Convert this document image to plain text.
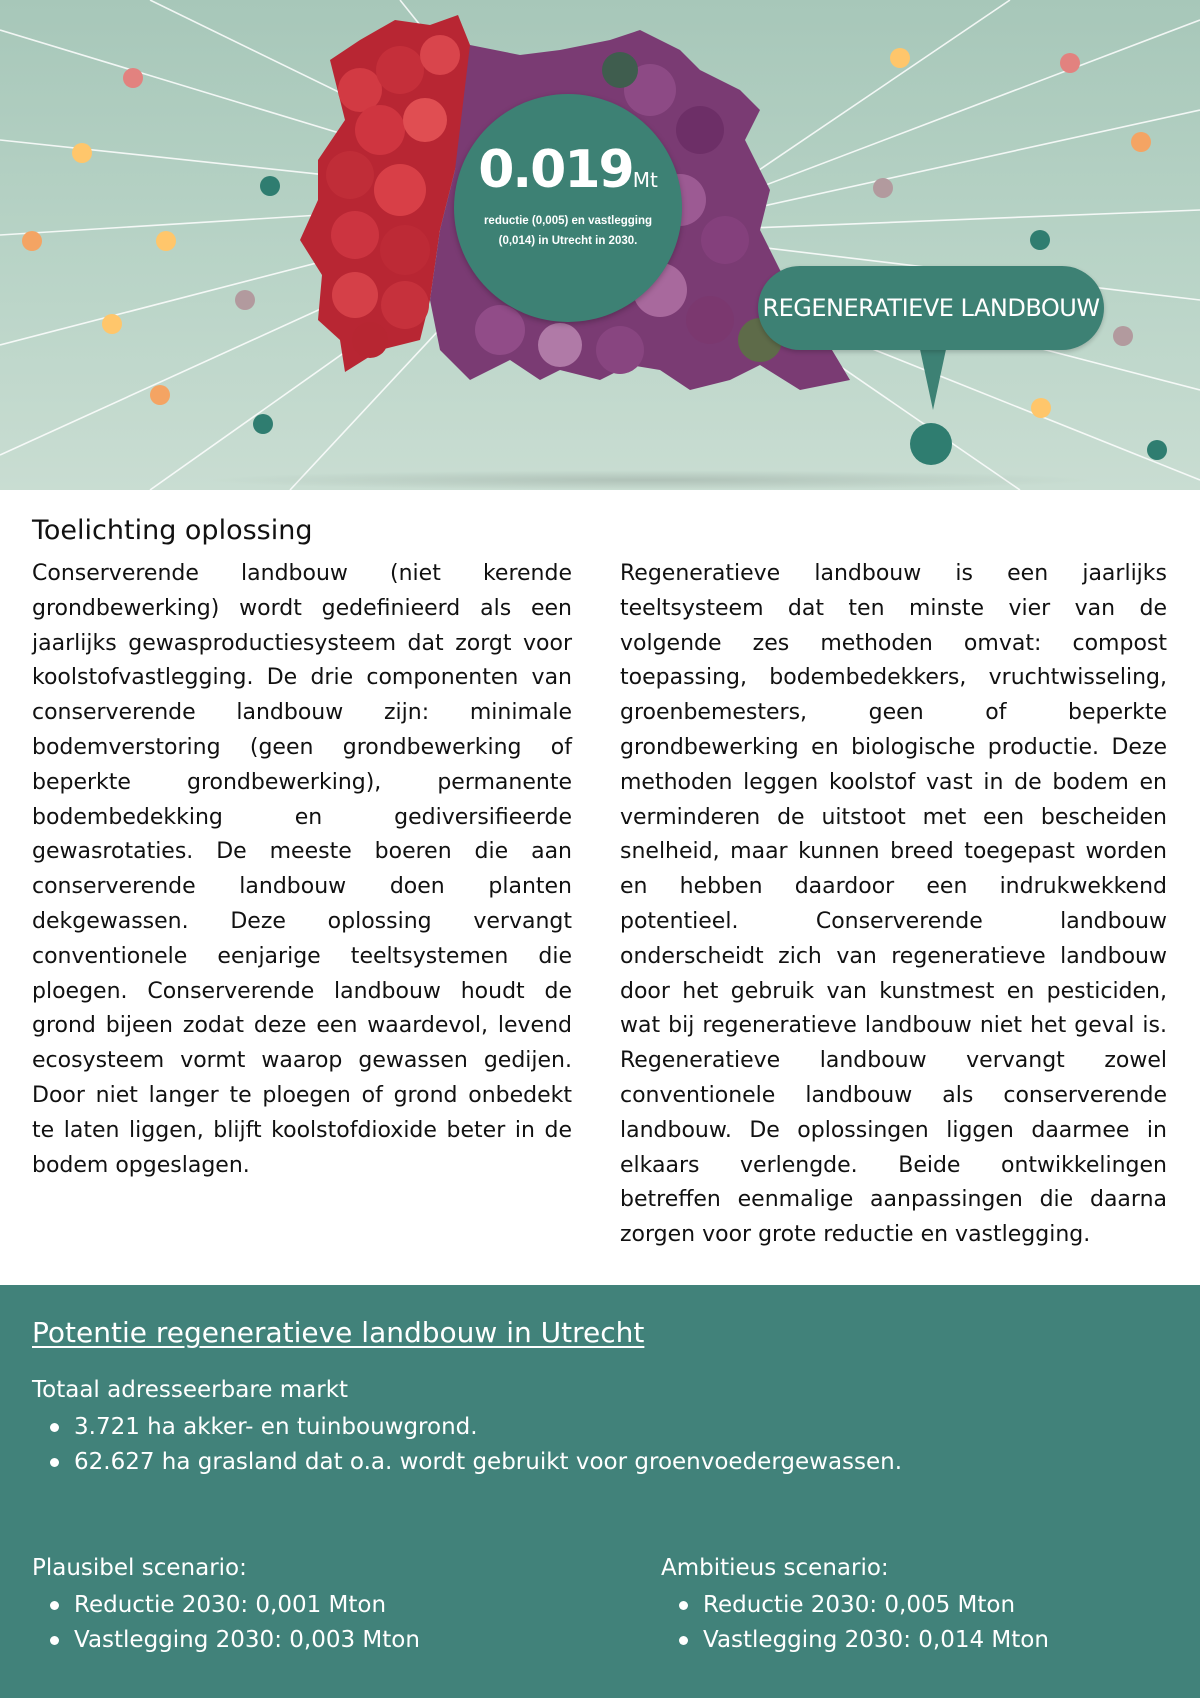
0.019Mt
reductie (0,005) en vastlegging (0,014) in Utrecht in 2030.
REGENERATIEVE LANDBOUW
Toelichting oplossing

Conserverende landbouw (niet kerende grondbewerking) wordt gedefinieerd als een jaarlijks gewasproductiesysteem dat zorgt voor koolstofvastlegging. De drie componenten van conserverende landbouw zijn: minimale bodemverstoring (geen grondbewerking of beperkte grondbewerking), permanente bodembedekking en gediversifieerde gewasrotaties. De meeste boeren die aan conserverende landbouw doen planten dekgewassen. Deze oplossing vervangt conventionele eenjarige teeltsystemen die ploegen. Conserverende landbouw houdt de grond bijeen zodat deze een waardevol, levend ecosysteem vormt waarop gewassen gedijen. Door niet langer te ploegen of grond onbedekt te laten liggen, blijft koolstofdioxide beter in de bodem opgeslagen.

Regeneratieve landbouw is een jaarlijks teeltsysteem dat ten minste vier van de volgende zes methoden omvat: compost toepassing, bodembedekkers, vruchtwisseling, groenbemesters, geen of beperkte grondbewerking en biologische productie. Deze methoden leggen koolstof vast in de bodem en verminderen de uitstoot met een bescheiden snelheid, maar kunnen breed toegepast worden en hebben daardoor een indrukwekkend potentieel. Conserverende landbouw onderscheidt zich van regeneratieve landbouw door het gebruik van kunstmest en pesticiden, wat bij regeneratieve landbouw niet het geval is. Regeneratieve landbouw vervangt zowel conventionele landbouw als conserverende landbouw. De oplossingen liggen daarmee in elkaars verlengde. Beide ontwikkelingen betreffen eenmalige aanpassingen die daarna zorgen voor grote reductie en vastlegging.

Potentie regeneratieve landbouw in Utrecht
Totaal adresseerbare markt
3.721 ha akker- en tuinbouwgrond.
62.627 ha grasland dat o.a. wordt gebruikt voor groenvoedergewassen.
Plausibel scenario:
Reductie 2030: 0,001 Mton
Vastlegging 2030: 0,003 Mton
Ambitieus scenario:
Reductie 2030: 0,005 Mton
Vastlegging 2030: 0,014 Mton
